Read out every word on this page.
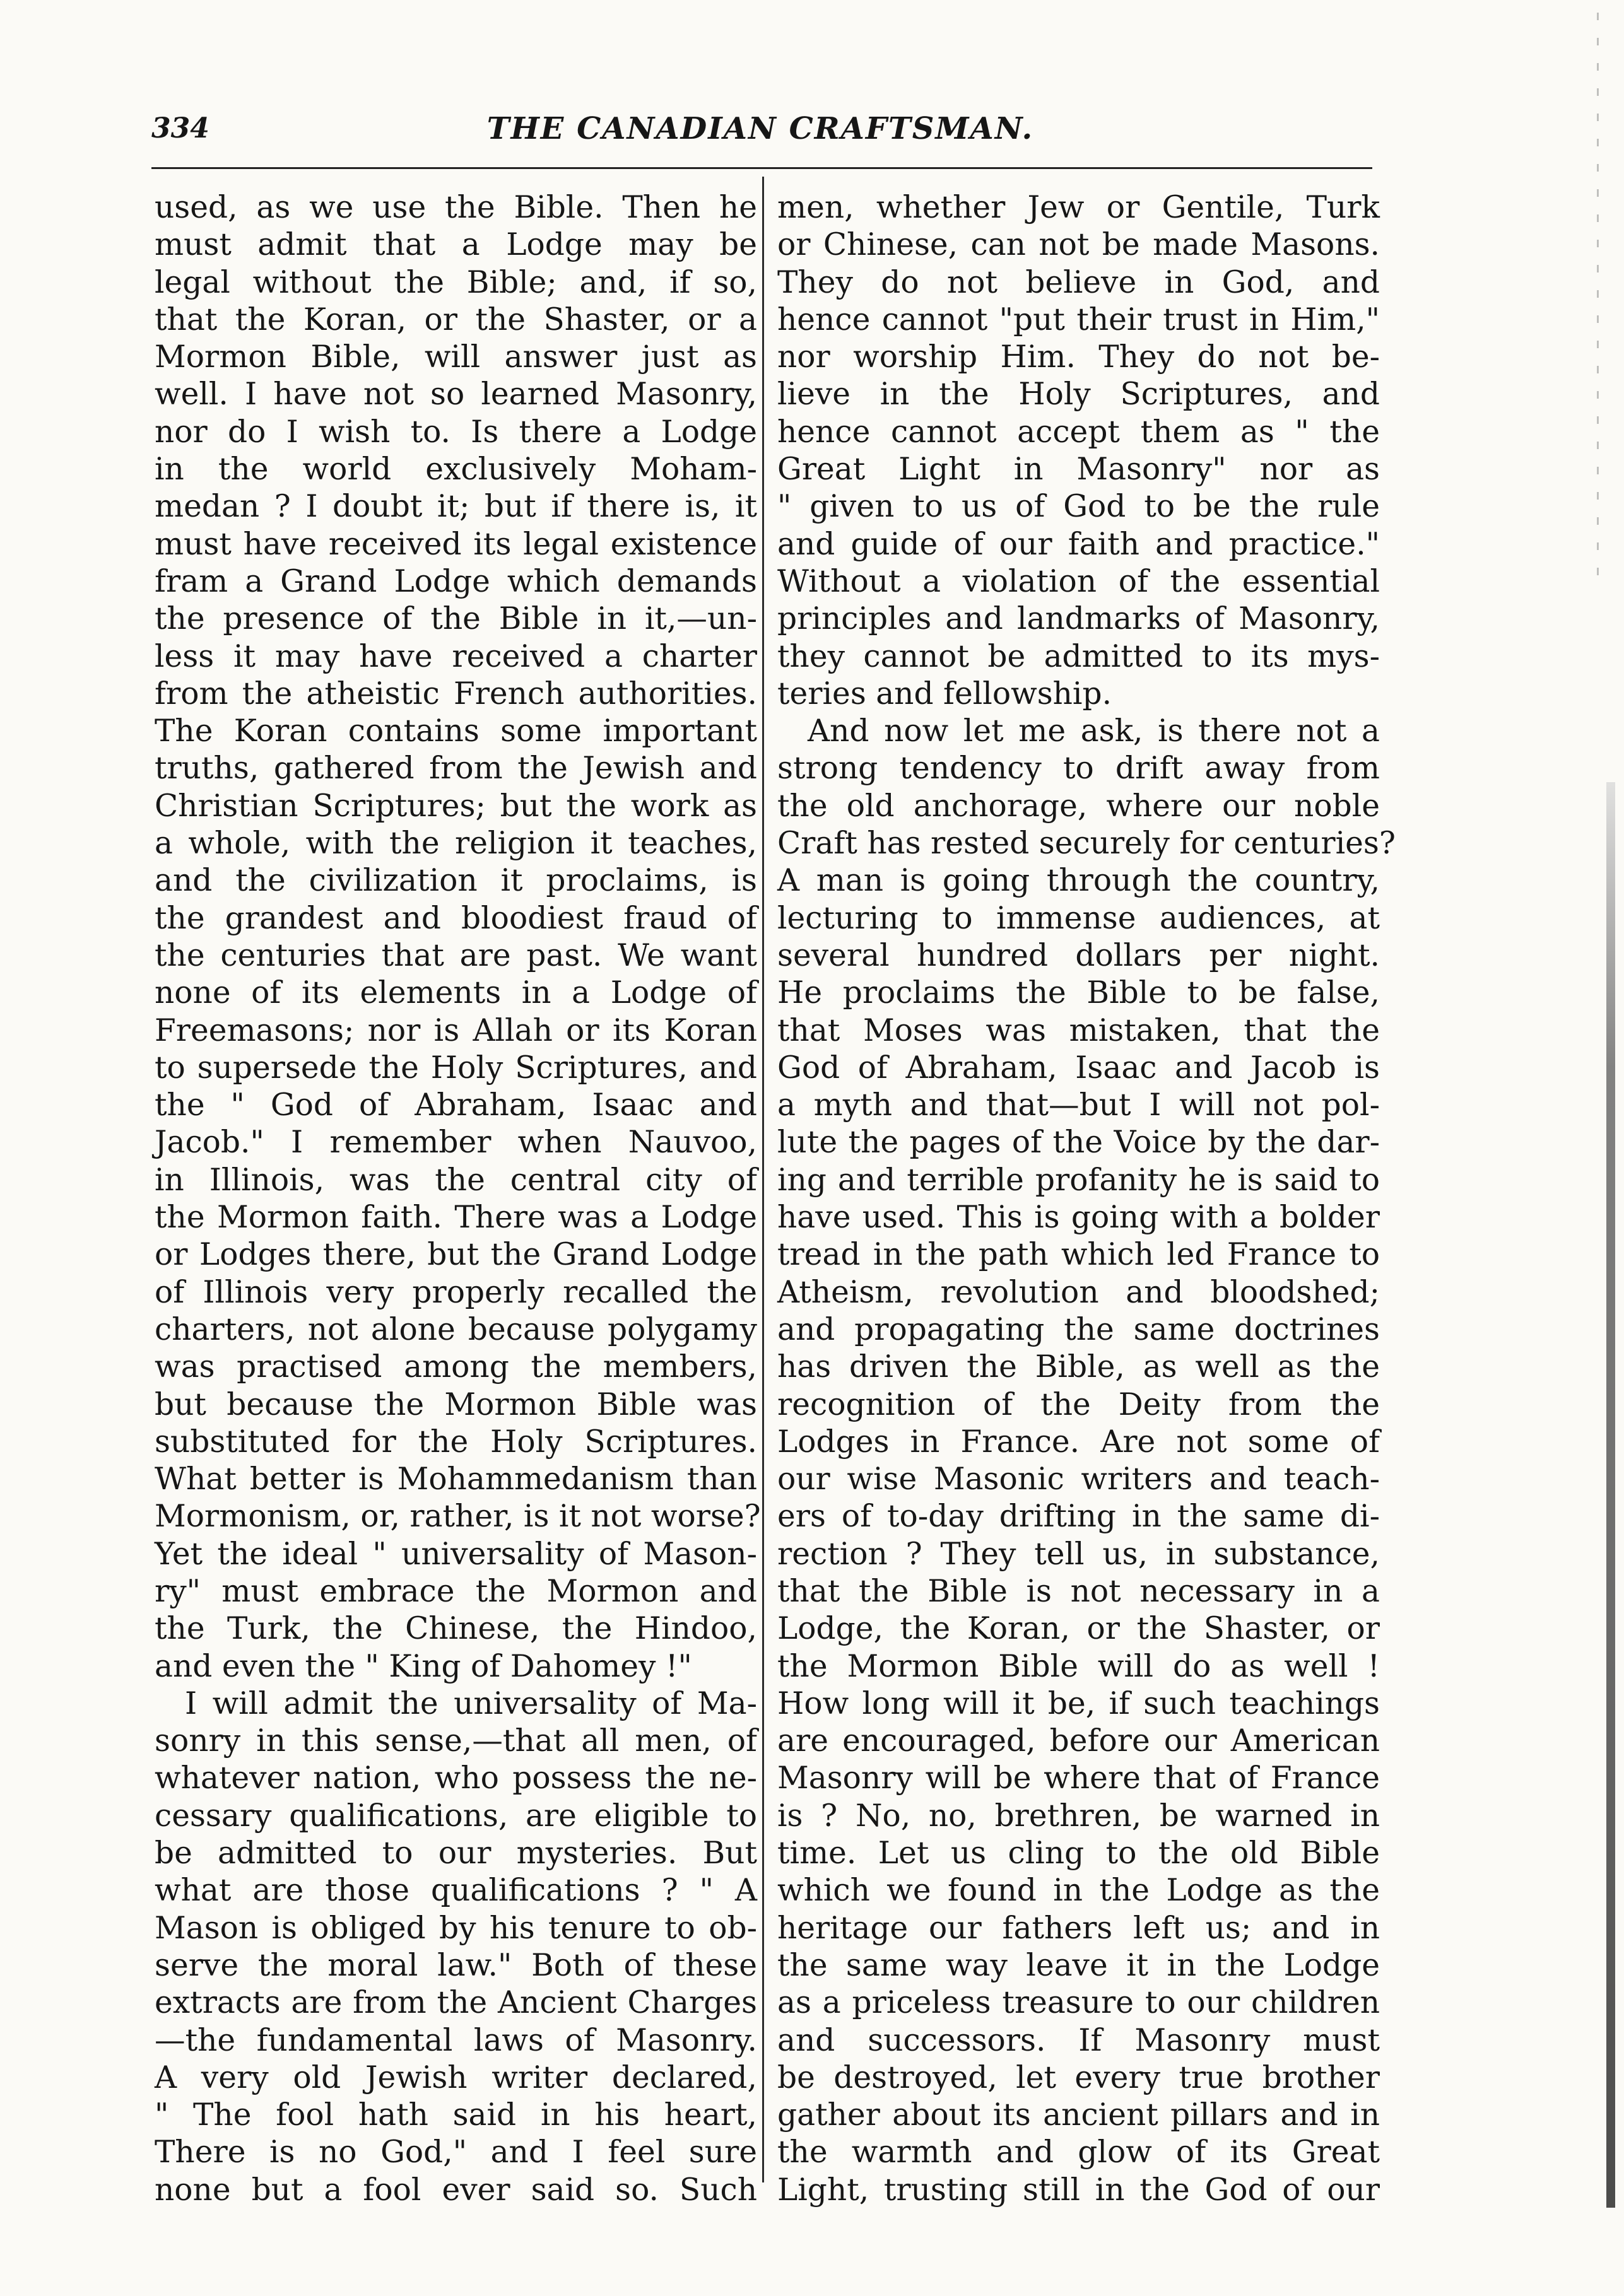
334	THE CANADIAN CRAFTSMAN.
used, as we use the Bible. Then he
must admit that a Lodge may be
legal without the Bible; and, if so,
that the Koran, or the Shaster, or a
Mormon Bible, will answer just as
well. I have not so learned Masonry,
nor do I wish to. Is there a Lodge
in the world exclusively Moham-
medan ? I doubt it; but if there is, it
must have received its legal existence
fram a Grand Lodge which demands
the presence of the Bible in it,—un-
less it may have received a charter
from the atheistic French authorities.
The Koran contains some important
truths, gathered from the Jewish and
Christian Scriptures; but the work as
a whole, with the religion it teaches,
and the civilization it proclaims, is
the grandest and bloodiest fraud of
the centuries that are past. We want
none of its elements in a Lodge of
Freemasons; nor is Allah or its Koran
to supersede the Holy Scriptures, and
the " God of Abraham, Isaac and
Jacob." I remember when Nauvoo,
in Illinois, was the central city of
the Mormon faith. There was a Lodge
or Lodges there, but the Grand Lodge
of Illinois very properly recalled the
charters, not alone because polygamy
was practised among the members,
but because the Mormon Bible was
substituted for the Holy Scriptures.
What better is Mohammedanism than
Mormonism, or, rather, is it not worse?
Yet the ideal " universality of Mason-
ry" must embrace the Mormon and
the Turk, the Chinese, the Hindoo,
and even the " King of Dahomey !"
I will admit the universality of Ma-
sonry in this sense,—that all men, of
whatever nation, who possess the ne-
cessary qualifications, are eligible to
be admitted to our mysteries. But
what are those qualifications ? " A
Mason is obliged by his tenure to ob-
serve the moral law." Both of these
extracts are from the Ancient Charges
—the fundamental laws of Masonry.
A very old Jewish writer declared,
" The fool hath said in his heart,
There is no God," and I feel sure
none but a fool ever said so. Such
men, whether Jew or Gentile, Turk
or Chinese, can not be made Masons.
They do not believe in God, and
hence cannot "put their trust in Him,"
nor worship Him. They do not be-
lieve in the Holy Scriptures, and
hence cannot accept them as " the
Great Light in Masonry" nor as
" given to us of God to be the rule
and guide of our faith and practice."
Without a violation of the essential
principles and landmarks of Masonry,
they cannot be admitted to its mys-
teries and fellowship.
And now let me ask, is there not a
strong tendency to drift away from
the old anchorage, where our noble
Craft has rested securely for centuries?
A man is going through the country,
lecturing to immense audiences, at
several hundred dollars per night.
He proclaims the Bible to be false,
that Moses was mistaken, that the
God of Abraham, Isaac and Jacob is
a myth and that—but I will not pol-
lute the pages of the Voice by the dar-
ing and terrible profanity he is said to
have used. This is going with a bolder
tread in the path which led France to
Atheism, revolution and bloodshed;
and propagating the same doctrines
has driven the Bible, as well as the
recognition of the Deity from the
Lodges in France. Are not some of
our wise Masonic writers and teach-
ers of to-day drifting in the same di-
rection ? They tell us, in substance,
that the Bible is not necessary in a
Lodge, the Koran, or the Shaster, or
the Mormon Bible will do as well !
How long will it be, if such teachings
are encouraged, before our American
Masonry will be where that of France
is ? No, no, brethren, be warned in
time. Let us cling to the old Bible
which we found in the Lodge as the
heritage our fathers left us; and in
the same way leave it in the Lodge
as a priceless treasure to our children
and successors. If Masonry must
be destroyed, let every true brother
gather about its ancient pillars and in
the warmth and glow of its Great
Light, trusting still in the God of our
